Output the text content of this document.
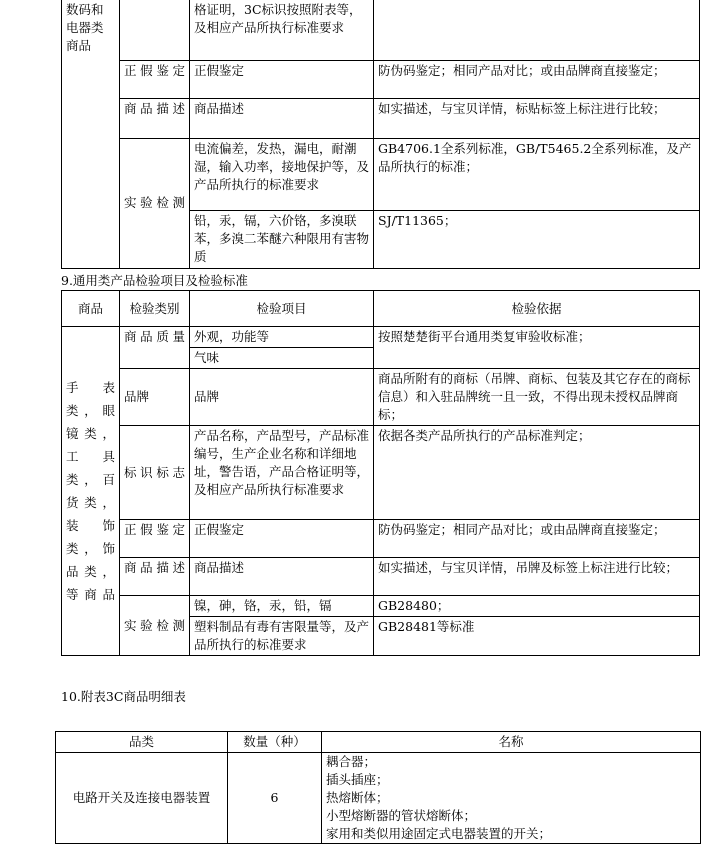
数码和电器类商品		格证明，3C标识按照附表等，及相应产品所执行标准要求	
	正假鉴定	正假鉴定	防伪码鉴定；相同产品对比；或由品牌商直接鉴定；
	商品描述	商品描述	如实描述，与宝贝详情，标贴标签上标注进行比较；
	实验检测	电流偏差，发热，漏电，耐潮湿，输入功率，接地保护等，及产品所执行的标准要求	GB4706.1全系列标准，GB/T5465.2全系列标准，及产品所执行的标准；
		铅，汞，镉，六价铬，多溴联苯，多溴二苯醚六种限用有害物质	SJ/T11365；
9.通用类产品检验项目及检验标准
商品	检验类别	检验项目	检验依据
手表类，眼镜类，工具类，百货类，装饰类，饰品类，等商品	商品质量	外观，功能等	按照楚楚街平台通用类复审验收标准；
		气味	
	品牌	品牌	商品所附有的商标（吊牌、商标、包装及其它存在的商标信息）和入驻品牌统一且一致，不得出现未授权品牌商标；
	标识标志	产品名称，产品型号，产品标准编号，生产企业名称和详细地址，警告语，产品合格证明等，及相应产品所执行标准要求	依据各类产品所执行的产品标准判定；
	正假鉴定	正假鉴定	防伪码鉴定；相同产品对比；或由品牌商直接鉴定；
	商品描述	商品描述	如实描述，与宝贝详情，吊牌及标签上标注进行比较；
	实验检测	镍，砷，铬，汞，铅，镉	GB28480；
		塑料制品有毒有害限量等，及产品所执行的标准要求	GB28481等标准
10.附表3C商品明细表
品类	数量（种）	名称
电路开关及连接电器装置	6	耦合器；
插头插座；
热熔断体；
小型熔断器的管状熔断体；
家用和类似用途固定式电器装置的开关；
